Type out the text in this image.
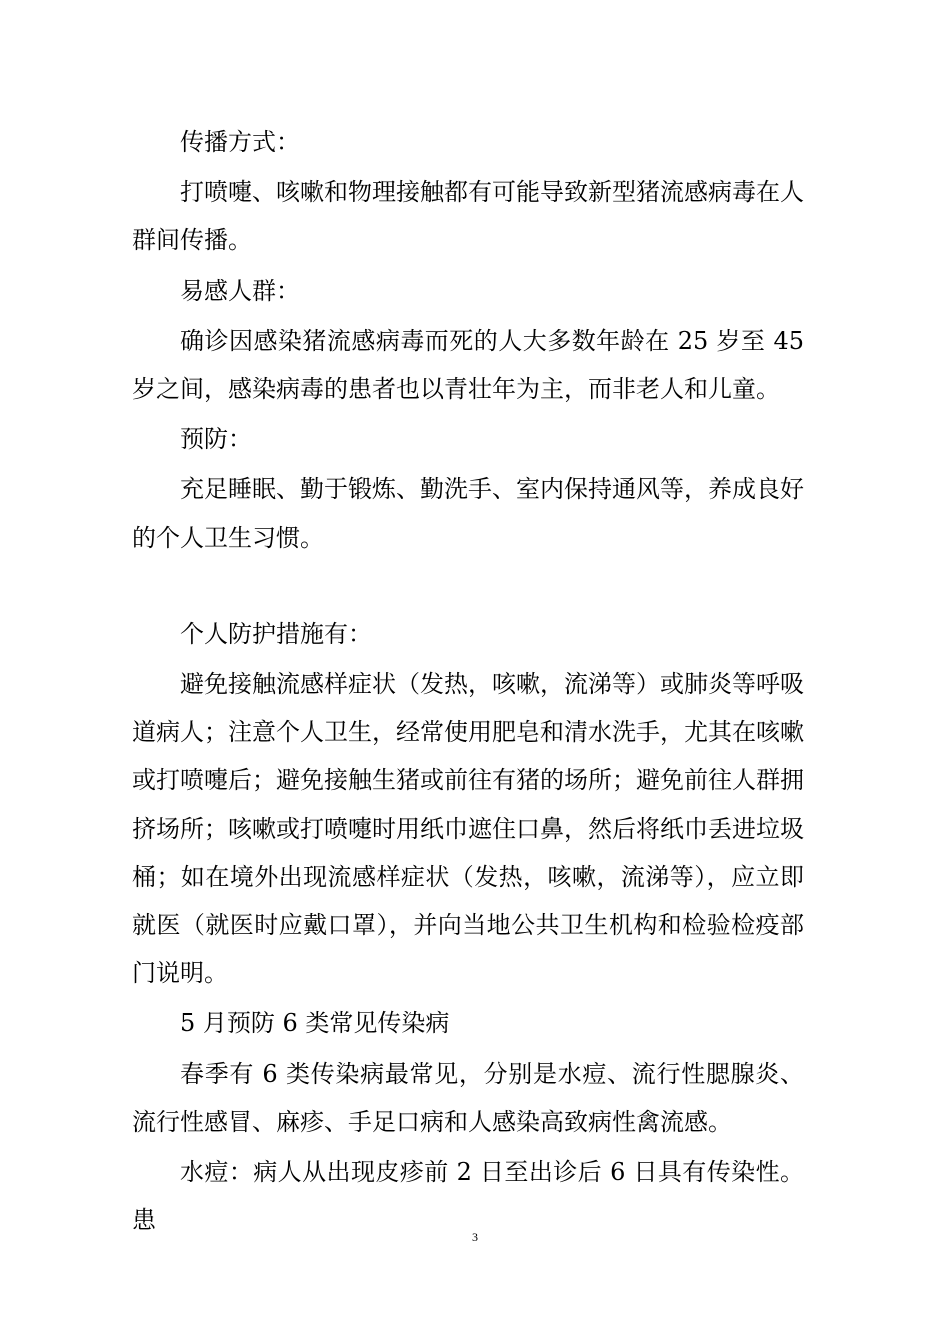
传播方式：

打喷嚏、咳嗽和物理接触都有可能导致新型猪流感病毒在人群间传播。

易感人群：

确诊因感染猪流感病毒而死的人大多数年龄在 25 岁至 45 岁之间，感染病毒的患者也以青壮年为主，而非老人和儿童。

预防：

充足睡眠、勤于锻炼、勤洗手、室内保持通风等，养成良好的个人卫生习惯。

个人防护措施有：

避免接触流感样症状（发热，咳嗽，流涕等）或肺炎等呼吸道病人；注意个人卫生，经常使用肥皂和清水洗手，尤其在咳嗽或打喷嚏后；避免接触生猪或前往有猪的场所；避免前往人群拥挤场所；咳嗽或打喷嚏时用纸巾遮住口鼻，然后将纸巾丢进垃圾桶；如在境外出现流感样症状（发热，咳嗽，流涕等），应立即就医（就医时应戴口罩），并向当地公共卫生机构和检验检疫部门说明。

5 月预防 6 类常见传染病

春季有 6 类传染病最常见，分别是水痘、流行性腮腺炎、流行性感冒、麻疹、手足口病和人感染高致病性禽流感。

水痘：病人从出现皮疹前 2 日至出诊后 6 日具有传染性。患

3
